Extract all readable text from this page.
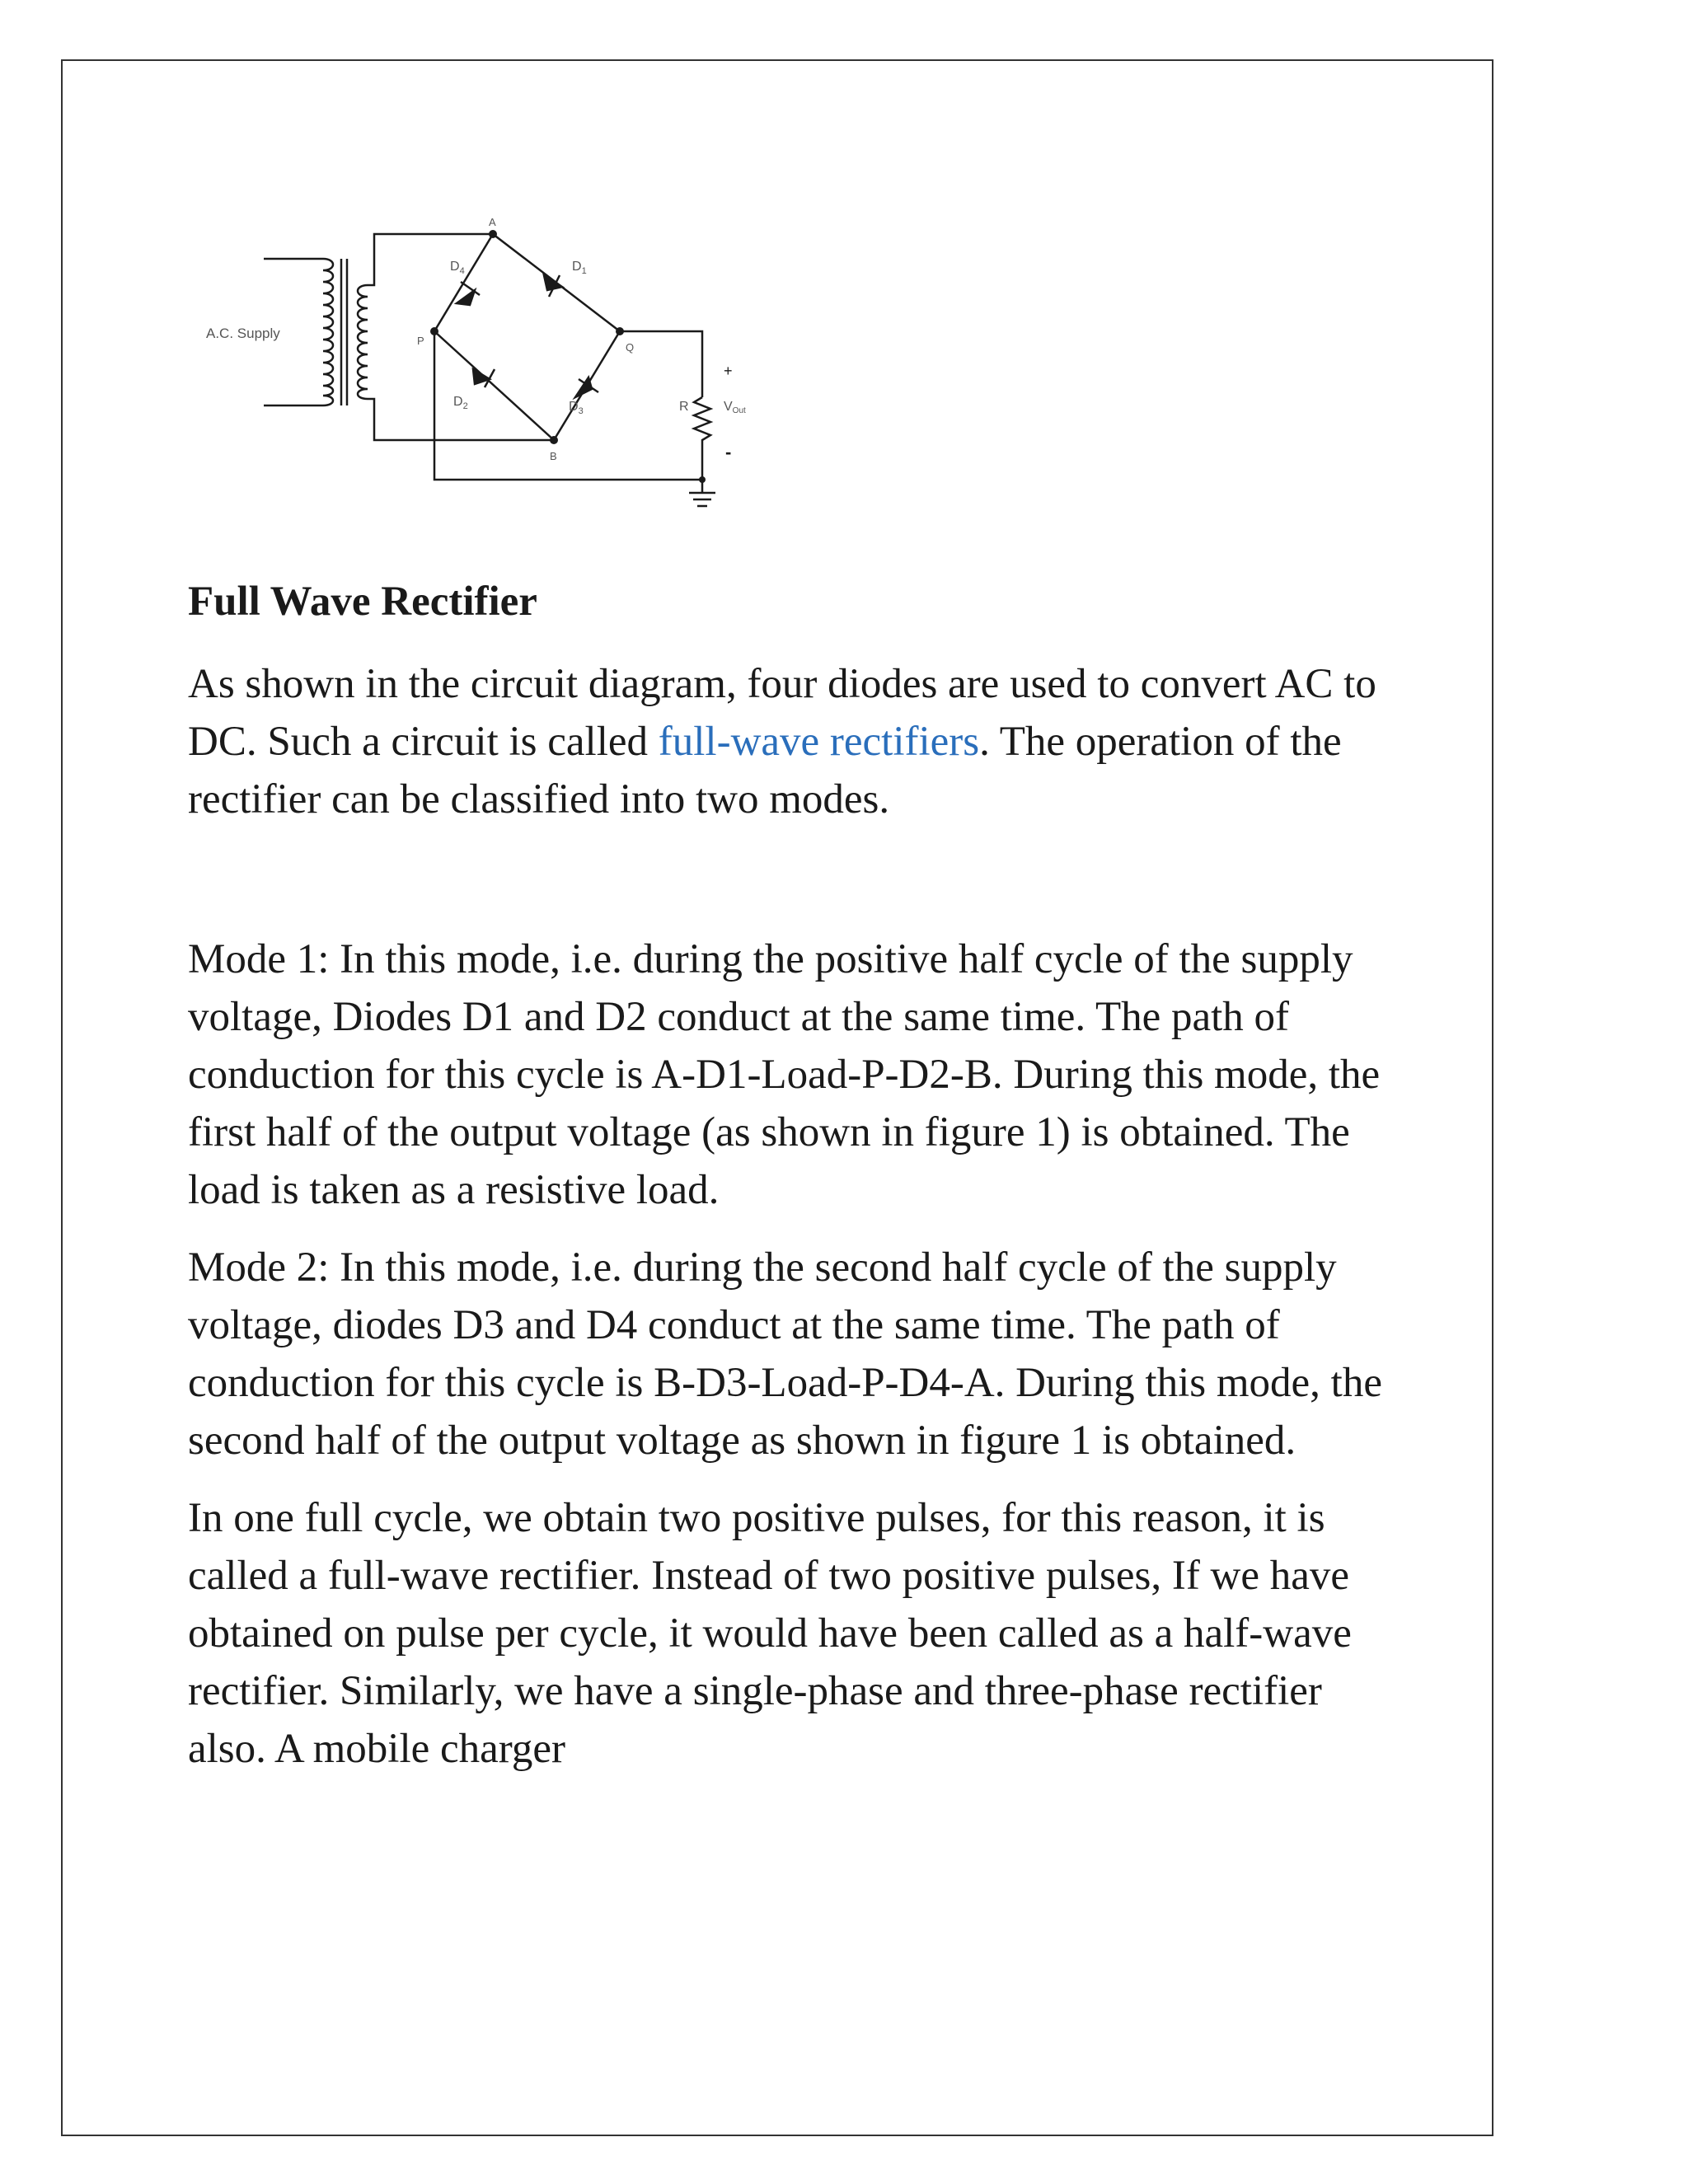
A.C. Supply
A
P
Q
B
$D_4$	$D_1$
$D_2$	$D_3$	R	VOut
+
-
Full Wave Rectifier

As shown in the circuit diagram, four diodes are used to convert AC to DC. Such a circuit is called full-wave rectifiers. The operation of the rectifier can be classified into two modes.

Mode 1: In this mode, i.e. during the positive half cycle of the supply voltage, Diodes D1 and D2 conduct at the same time. The path of conduction for this cycle is A-D1-Load-P-D2-B. During this mode, the first half of the output voltage (as shown in figure 1) is obtained. The load is taken as a resistive load.

Mode 2: In this mode, i.e. during the second half cycle of the supply voltage, diodes D3 and D4 conduct at the same time. The path of conduction for this cycle is B-D3-Load-P-D4-A. During this mode, the second half of the output voltage as shown in figure 1 is obtained.

In one full cycle, we obtain two positive pulses, for this reason, it is called a full-wave rectifier. Instead of two positive pulses, If we have obtained on pulse per cycle, it would have been called as a half-wave rectifier. Similarly, we have a single-phase and three-phase rectifier also. A mobile charger
